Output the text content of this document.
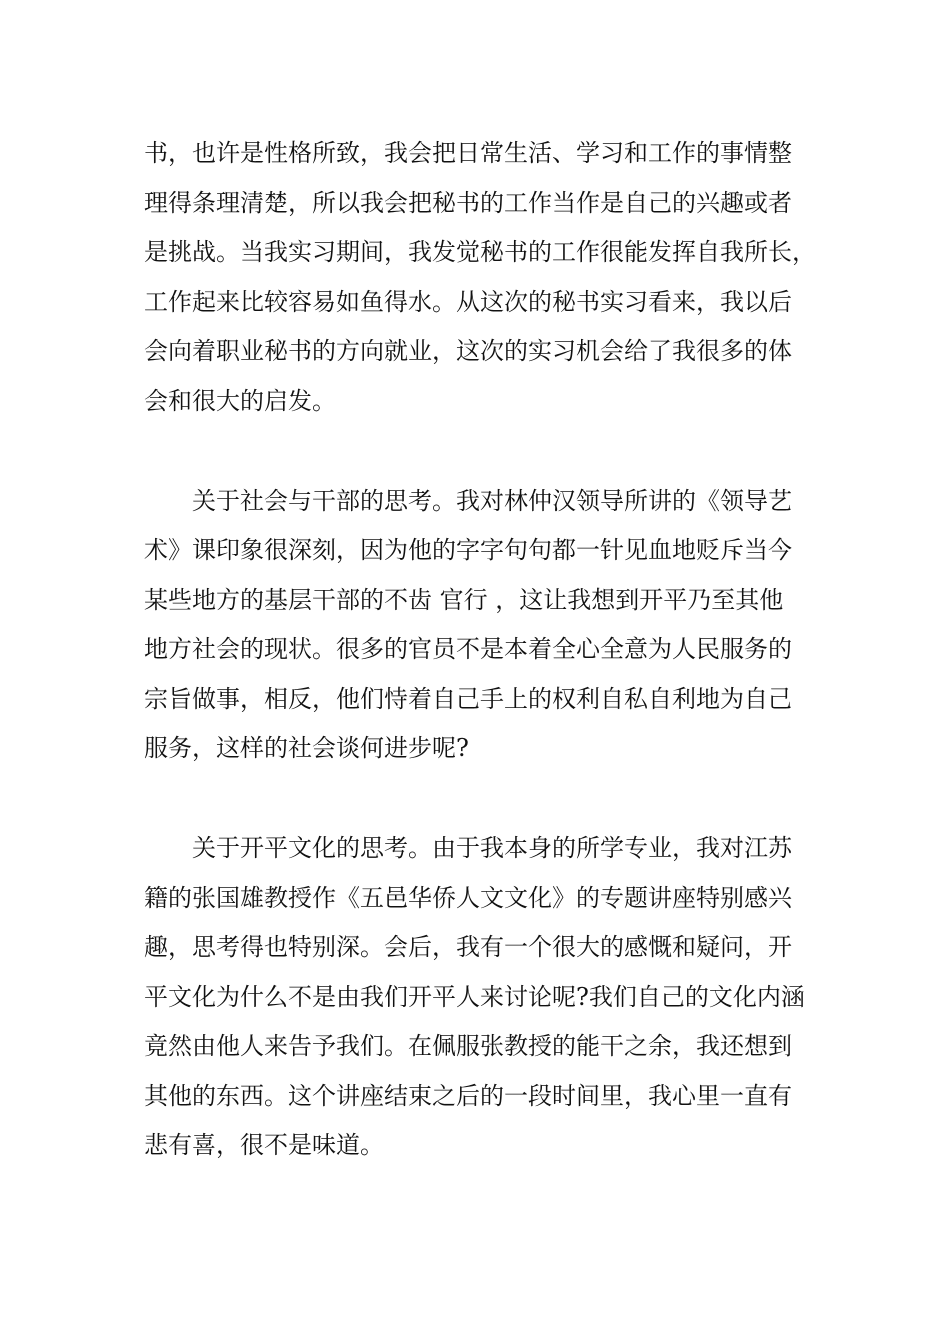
书，也许是性格所致，我会把日常生活、学习和工作的事情整
理得条理清楚，所以我会把秘书的工作当作是自己的兴趣或者
是挑战。当我实习期间，我发觉秘书的工作很能发挥自我所长，
工作起来比较容易如鱼得水。从这次的秘书实习看来，我以后
会向着职业秘书的方向就业，这次的实习机会给了我很多的体
会和很大的启发。
关于社会与干部的思考。我对林仲汉领导所讲的《领导艺
术》课印象很深刻，因为他的字字句句都一针见血地贬斥当今
某些地方的基层干部的不齿 官行 ，这让我想到开平乃至其他
地方社会的现状。很多的官员不是本着全心全意为人民服务的
宗旨做事，相反，他们恃着自己手上的权利自私自利地为自己
服务，这样的社会谈何进步呢?
关于开平文化的思考。由于我本身的所学专业，我对江苏
籍的张国雄教授作《五邑华侨人文文化》的专题讲座特别感兴
趣，思考得也特别深。会后，我有一个很大的感慨和疑问，开
平文化为什么不是由我们开平人来讨论呢?我们自己的文化内涵
竟然由他人来告予我们。在佩服张教授的能干之余，我还想到
其他的东西。这个讲座结束之后的一段时间里，我心里一直有
悲有喜，很不是味道。
